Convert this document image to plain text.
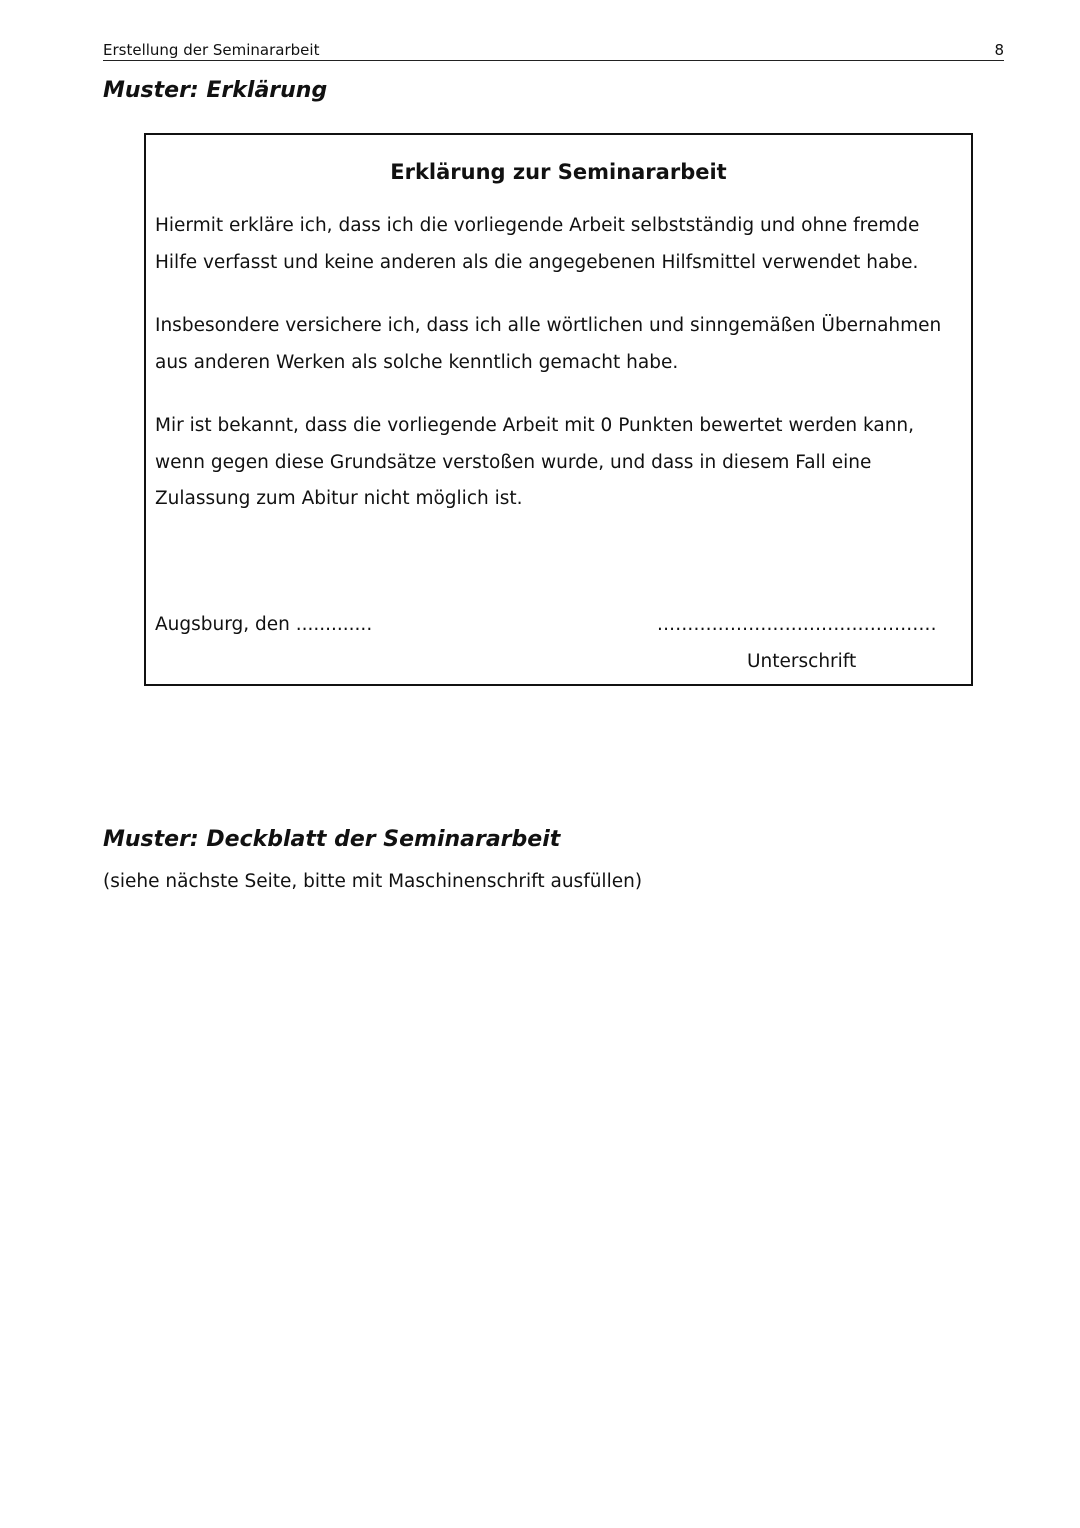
Erstellung der Seminararbeit	8
Muster: Erklärung
Erklärung zur Seminararbeit

Hiermit erkläre ich, dass ich die vorliegende Arbeit selbstständig und ohne fremde Hilfe verfasst und keine anderen als die angegebenen Hilfsmittel verwendet habe.

Insbesondere versichere ich, dass ich alle wörtlichen und sinngemäßen Übernahmen aus anderen Werken als solche kenntlich gemacht habe.

Mir ist bekannt, dass die vorliegende Arbeit mit 0 Punkten bewertet werden kann, wenn gegen diese Grundsätze verstoßen wurde, und dass in diesem Fall eine Zulassung zum Abitur nicht möglich ist.

Augsburg, den .............	..............................................
Unterschrift
Muster: Deckblatt der Seminararbeit
(siehe nächste Seite, bitte mit Maschinenschrift ausfüllen)
